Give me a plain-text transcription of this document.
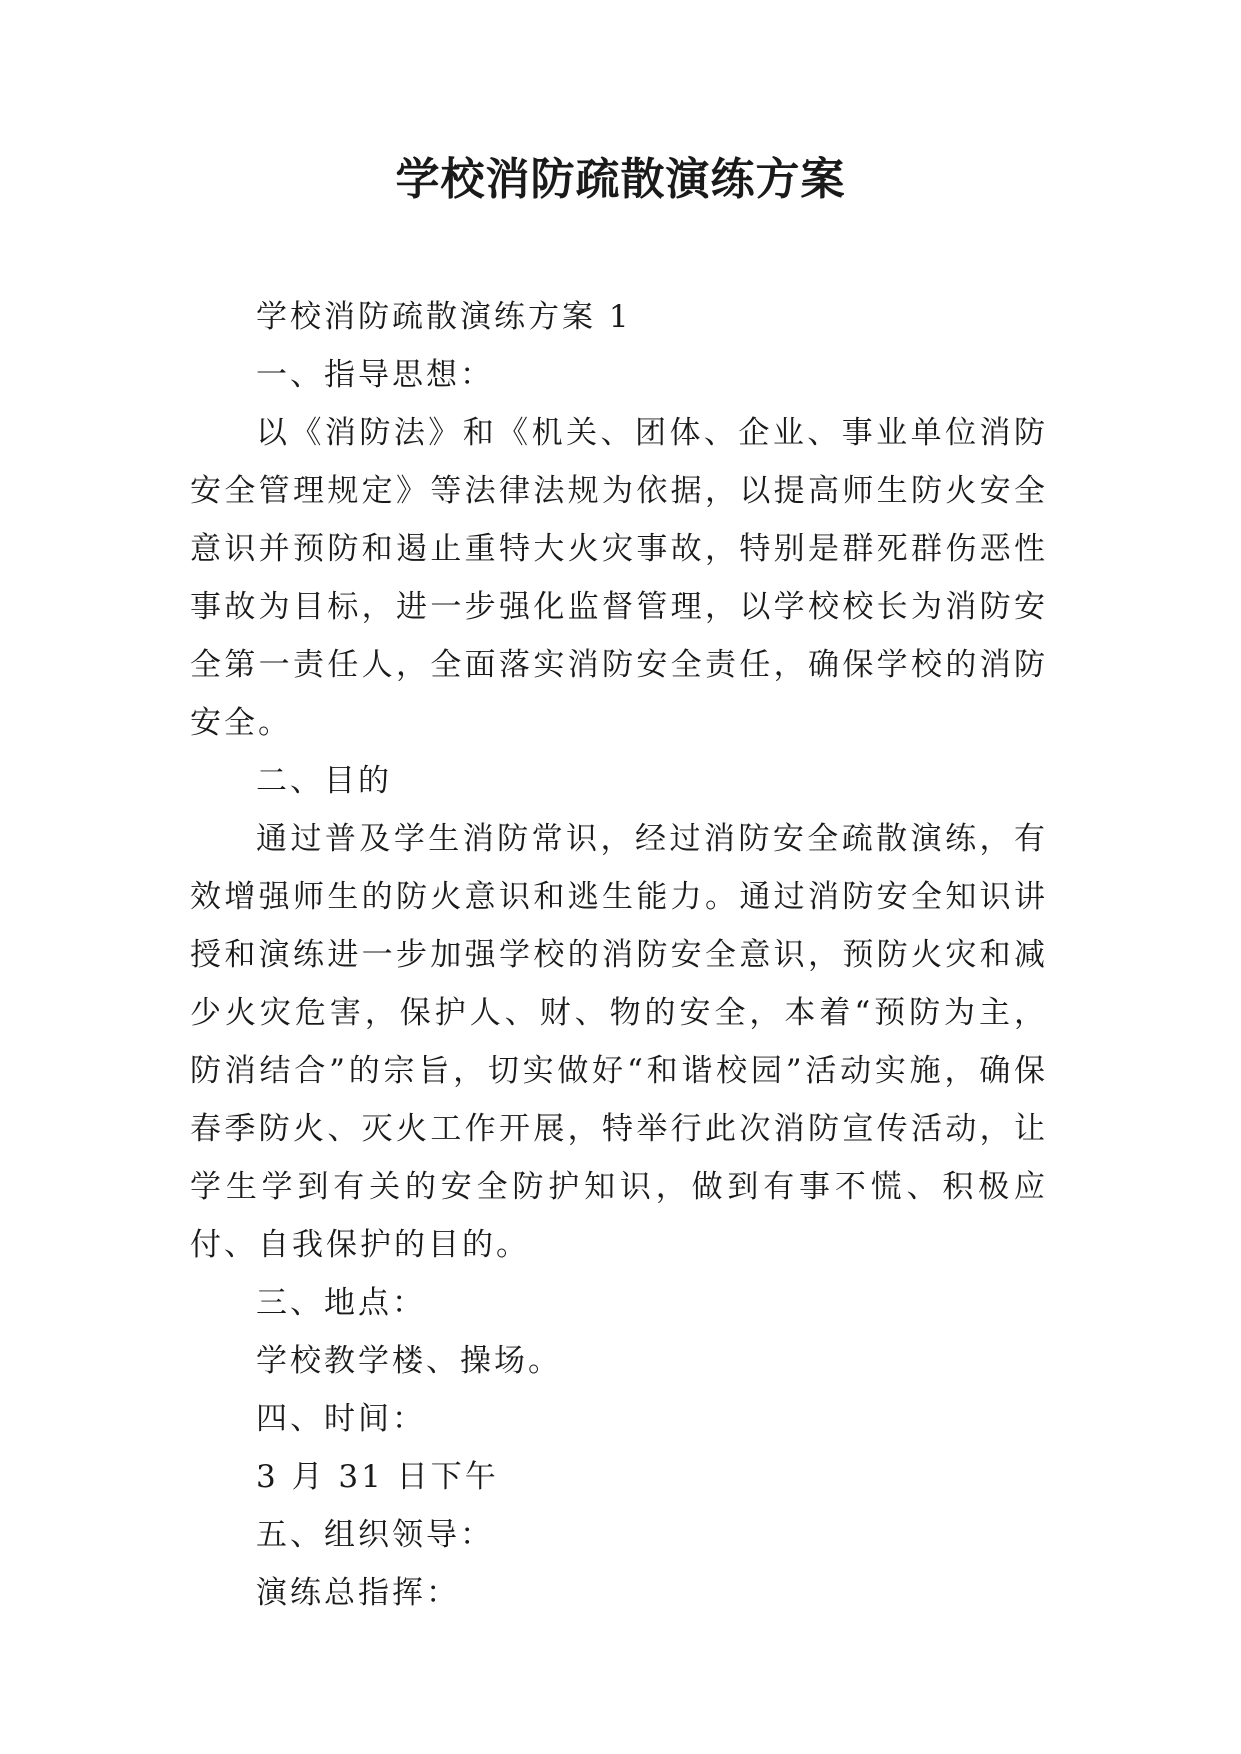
学校消防疏散演练方案

学校消防疏散演练方案 1

一、指导思想：

以《消防法》和《机关、团体、企业、事业单位消防安全管理规定》等法律法规为依据，以提高师生防火安全意识并预防和遏止重特大火灾事故，特别是群死群伤恶性事故为目标，进一步强化监督管理，以学校校长为消防安全第一责任人，全面落实消防安全责任，确保学校的消防安全。

二、目的

通过普及学生消防常识，经过消防安全疏散演练，有效增强师生的防火意识和逃生能力。通过消防安全知识讲授和演练进一步加强学校的消防安全意识，预防火灾和减少火灾危害，保护人、财、物的安全，本着“预防为主，防消结合”的宗旨，切实做好“和谐校园”活动实施，确保春季防火、灭火工作开展，特举行此次消防宣传活动，让学生学到有关的安全防护知识，做到有事不慌、积极应付、自我保护的目的。

三、地点：

学校教学楼、操场。

四、时间：

3 月 31 日下午

五、组织领导：

演练总指挥：
